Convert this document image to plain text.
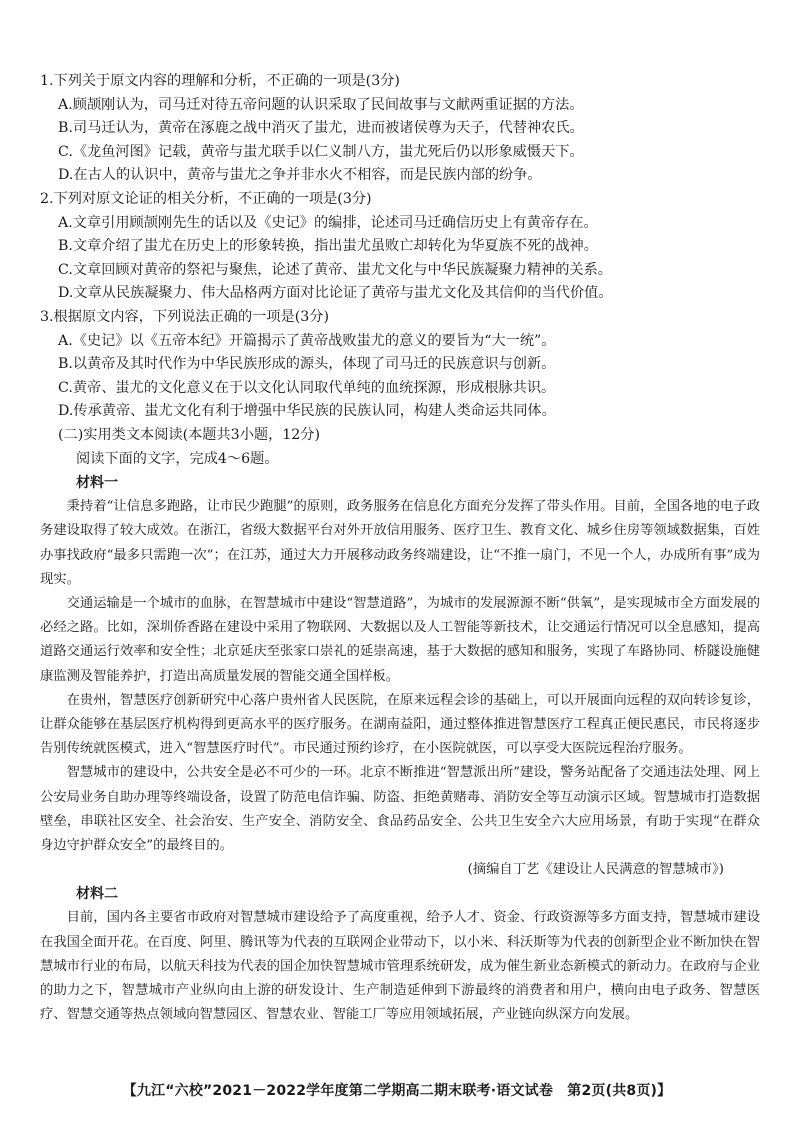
1.下列关于原文内容的理解和分析，不正确的一项是(3分)

A.顾颉刚认为，司马迁对待五帝问题的认识采取了民间故事与文献两重证据的方法。

B.司马迁认为，黄帝在涿鹿之战中消灭了蚩尤，进而被诸侯尊为天子，代替神农氏。

C.《龙鱼河图》记载，黄帝与蚩尤联手以仁义制八方，蚩尤死后仍以形象威慑天下。

D.在古人的认识中，黄帝与蚩尤之争并非水火不相容，而是民族内部的纷争。

2.下列对原文论证的相关分析，不正确的一项是(3分)

A.文章引用顾颉刚先生的话以及《史记》的编排，论述司马迁确信历史上有黄帝存在。

B.文章介绍了蚩尤在历史上的形象转换，指出蚩尤虽败亡却转化为华夏族不死的战神。

C.文章回顾对黄帝的祭祀与聚焦，论述了黄帝、蚩尤文化与中华民族凝聚力精神的关系。

D.文章从民族凝聚力、伟大品格两方面对比论证了黄帝与蚩尤文化及其信仰的当代价值。

3.根据原文内容，下列说法正确的一项是(3分)

A.《史记》以《五帝本纪》开篇揭示了黄帝战败蚩尤的意义的要旨为“大一统”。

B.以黄帝及其时代作为中华民族形成的源头，体现了司马迁的民族意识与创新。

C.黄帝、蚩尤的文化意义在于以文化认同取代单纯的血统探源，形成根脉共识。

D.传承黄帝、蚩尤文化有利于增强中华民族的民族认同，构建人类命运共同体。

(二)实用类文本阅读(本题共3小题，12分)

阅读下面的文字，完成4～6题。

材料一

秉持着“让信息多跑路，让市民少跑腿”的原则，政务服务在信息化方面充分发挥了带头作用。目前，全国各地的电子政务建设取得了较大成效。在浙江，省级大数据平台对外开放信用服务、医疗卫生、教育文化、城乡住房等领域数据集，百姓办事找政府“最多只需跑一次”；在江苏，通过大力开展移动政务终端建设，让“不推一扇门，不见一个人，办成所有事”成为现实。

交通运输是一个城市的血脉，在智慧城市中建设“智慧道路”，为城市的发展源源不断“供氧”，是实现城市全方面发展的必经之路。比如，深圳侨香路在建设中采用了物联网、大数据以及人工智能等新技术，让交通运行情况可以全息感知，提高道路交通运行效率和安全性；北京延庆至张家口崇礼的延崇高速，基于大数据的感知和服务，实现了车路协同、桥隧设施健康监测及智能养护，打造出高质量发展的智能交通全国样板。

在贵州，智慧医疗创新研究中心落户贵州省人民医院，在原来远程会诊的基础上，可以开展面向远程的双向转诊复诊，让群众能够在基层医疗机构得到更高水平的医疗服务。在湖南益阳，通过整体推进智慧医疗工程真正便民惠民，市民将逐步告别传统就医模式，进入“智慧医疗时代”。市民通过预约诊疗，在小医院就医，可以享受大医院远程治疗服务。

智慧城市的建设中，公共安全是必不可少的一环。北京不断推进“智慧派出所”建设，警务站配备了交通违法处理、网上公安局业务自助办理等终端设备，设置了防范电信诈骗、防盗、拒绝黄赌毒、消防安全等互动演示区域。智慧城市打造数据壁垒，串联社区安全、社会治安、生产安全、消防安全、食品药品安全、公共卫生安全六大应用场景，有助于实现“在群众身边守护群众安全”的最终目的。

(摘编自丁艺《建设让人民满意的智慧城市》)

材料二

目前，国内各主要省市政府对智慧城市建设给予了高度重视，给予人才、资金、行政资源等多方面支持，智慧城市建设在我国全面开花。在百度、阿里、腾讯等为代表的互联网企业带动下，以小米、科沃斯等为代表的创新型企业不断加快在智慧城市行业的布局，以航天科技为代表的国企加快智慧城市管理系统研发，成为催生新业态新模式的新动力。在政府与企业的助力之下，智慧城市产业纵向由上游的研发设计、生产制造延伸到下游最终的消费者和用户，横向由电子政务、智慧医疗、智慧交通等热点领域向智慧园区、智慧农业、智能工厂等应用领域拓展，产业链向纵深方向发展。

【九江“六校”2021－2022学年度第二学期高二期末联考·语文试卷　第2页(共8页)】
